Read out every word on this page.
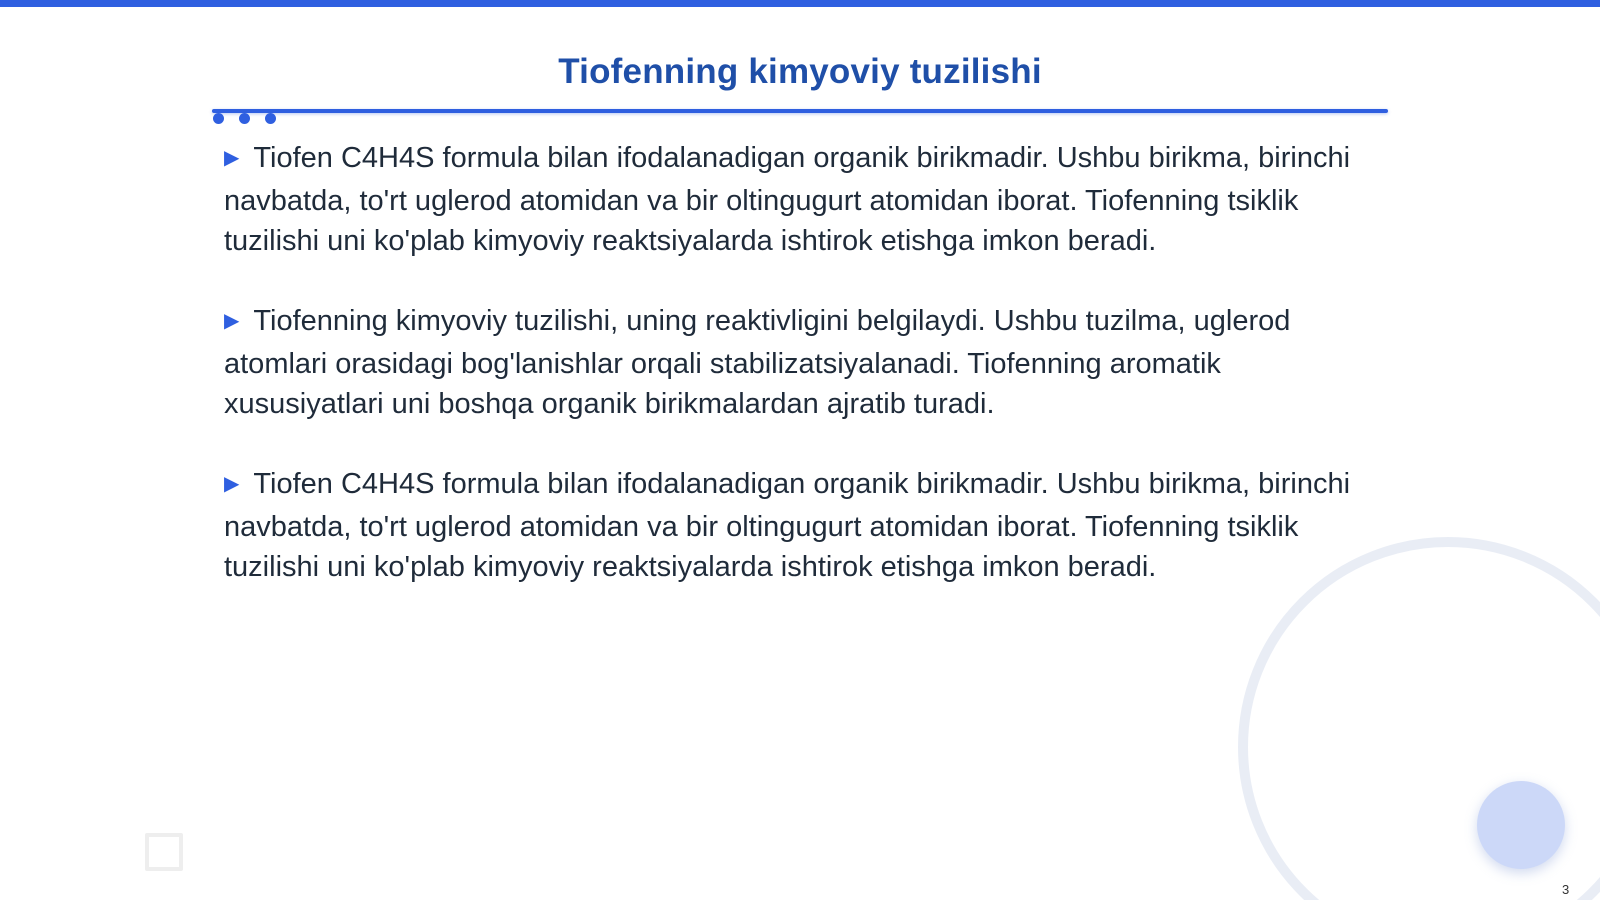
Tiofenning kimyoviy tuzilishi

▶ Tiofen C4H4S formula bilan ifodalanadigan organik birikmadir. Ushbu birikma, birinchi navbatda, to'rt uglerod atomidan va bir oltingugurt atomidan iborat. Tiofenning tsiklik tuzilishi uni ko'plab kimyoviy reaktsiyalarda ishtirok etishga imkon beradi.

▶ Tiofenning kimyoviy tuzilishi, uning reaktivligini belgilaydi. Ushbu tuzilma, uglerod atomlari orasidagi bog'lanishlar orqali stabilizatsiyalanadi. Tiofenning aromatik xususiyatlari uni boshqa organik birikmalardan ajratib turadi.

▶ Tiofen C4H4S formula bilan ifodalanadigan organik birikmadir. Ushbu birikma, birinchi navbatda, to'rt uglerod atomidan va bir oltingugurt atomidan iborat. Tiofenning tsiklik tuzilishi uni ko'plab kimyoviy reaktsiyalarda ishtirok etishga imkon beradi.

3
